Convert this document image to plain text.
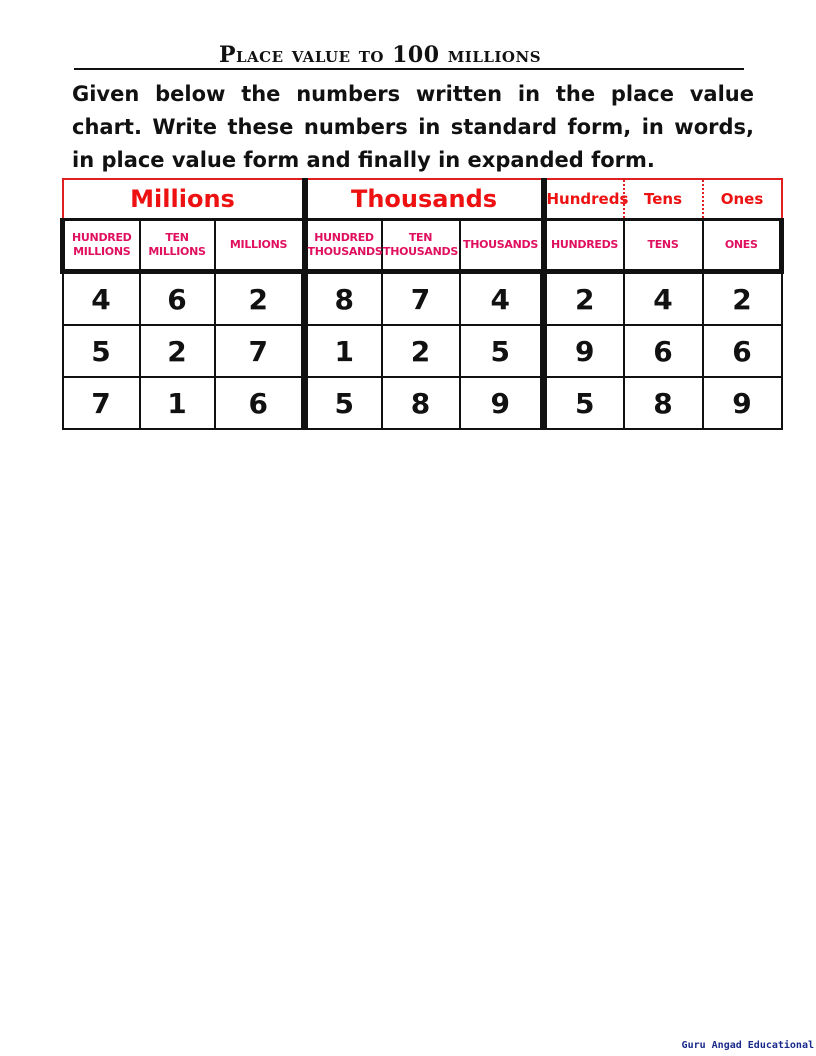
Place value to 100 millions

Given below the numbers written in the place value chart. Write these numbers in standard form, in words, in place value form and finally in expanded form.

Millions			Thousands			Hundreds	Tens	Ones
HUNDRED MILLIONS	TEN MILLIONS	MILLIONS	HUNDRED THOUSANDS	TEN THOUSANDS	THOUSANDS	HUNDREDS	TENS	ONES
4	6	2	8	7	4	2	4	2
5	2	7	1	2	5	9	6	6
7	1	6	5	8	9	5	8	9
Guru Angad Educational
